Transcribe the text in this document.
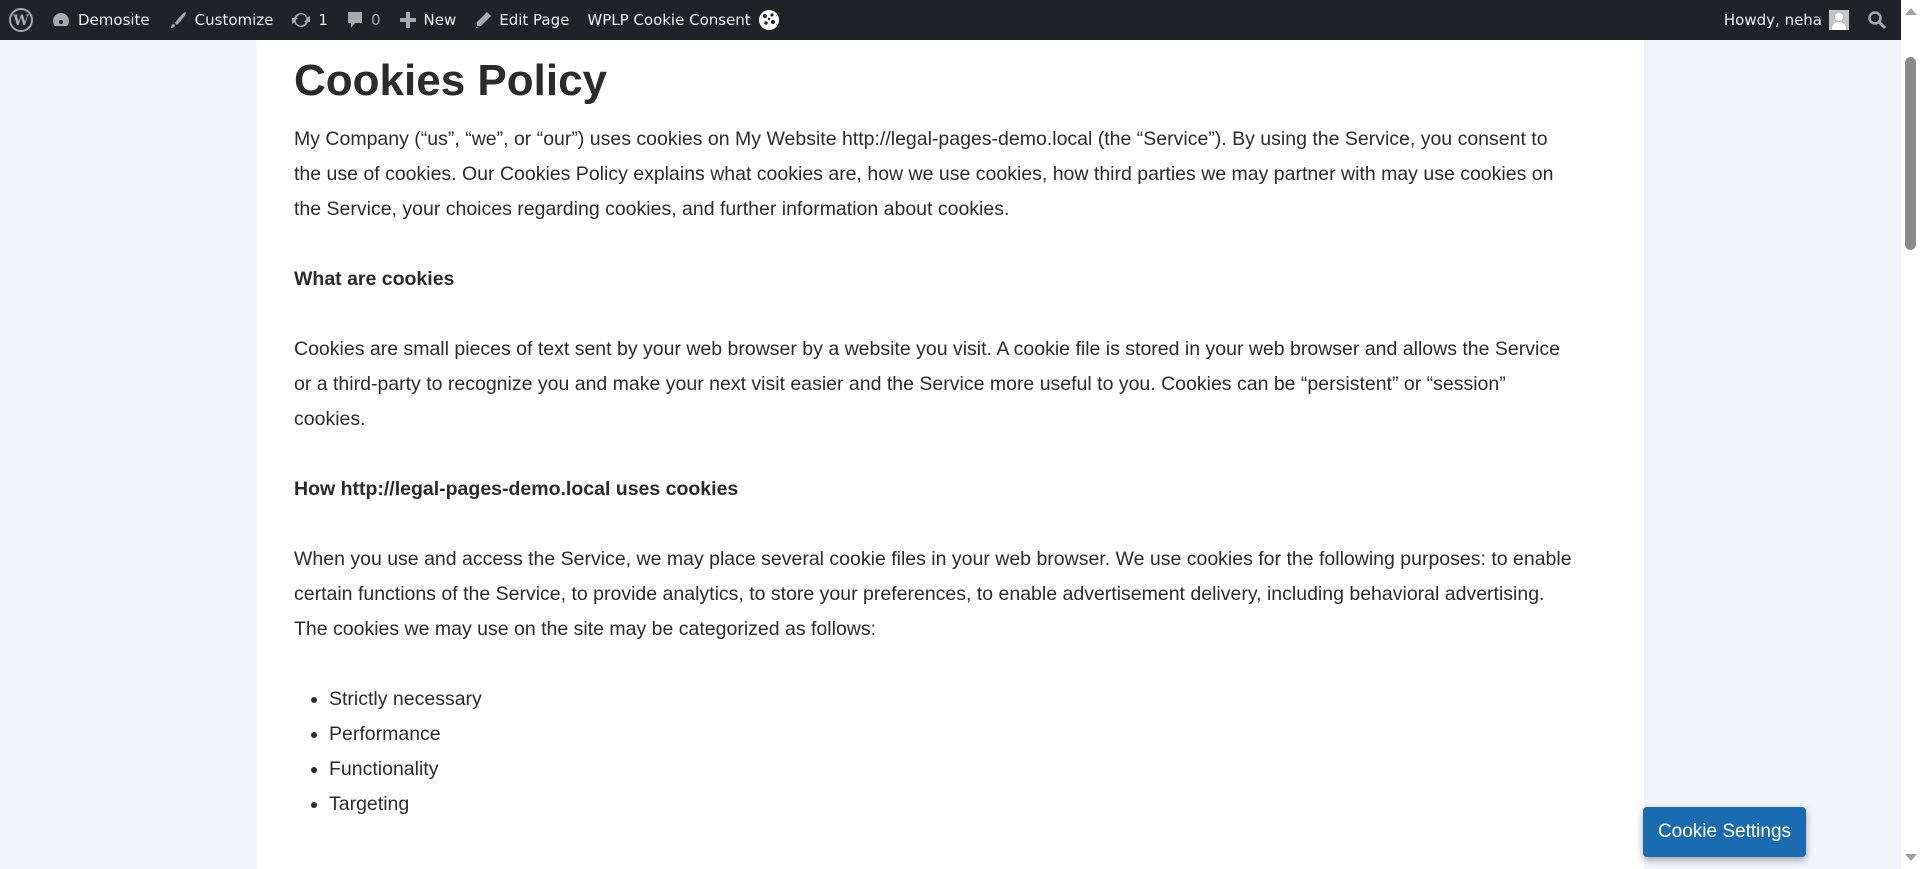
W	Demosite	Customize	1	0	New	Edit Page WPLP Cookie Consent	Howdy, neha
Cookies Policy

My Company (“us”, “we”, or “our”) uses cookies on My Website http://legal-pages-demo.local (the “Service”). By using the Service, you consent to
the use of cookies. Our Cookies Policy explains what cookies are, how we use cookies, how third parties we may partner with may use cookies on
the Service, your choices regarding cookies, and further information about cookies.

What are cookies

Cookies are small pieces of text sent by your web browser by a website you visit. A cookie file is stored in your web browser and allows the Service
or a third-party to recognize you and make your next visit easier and the Service more useful to you. Cookies can be “persistent” or “session”
cookies.

How http://legal-pages-demo.local uses cookies

When you use and access the Service, we may place several cookie files in your web browser. We use cookies for the following purposes: to enable
certain functions of the Service, to provide analytics, to store your preferences, to enable advertisement delivery, including behavioral advertising.
The cookies we may use on the site may be categorized as follows:

• Strictly necessary
• Performance
• Functionality
• Targeting
Cookie Settings
